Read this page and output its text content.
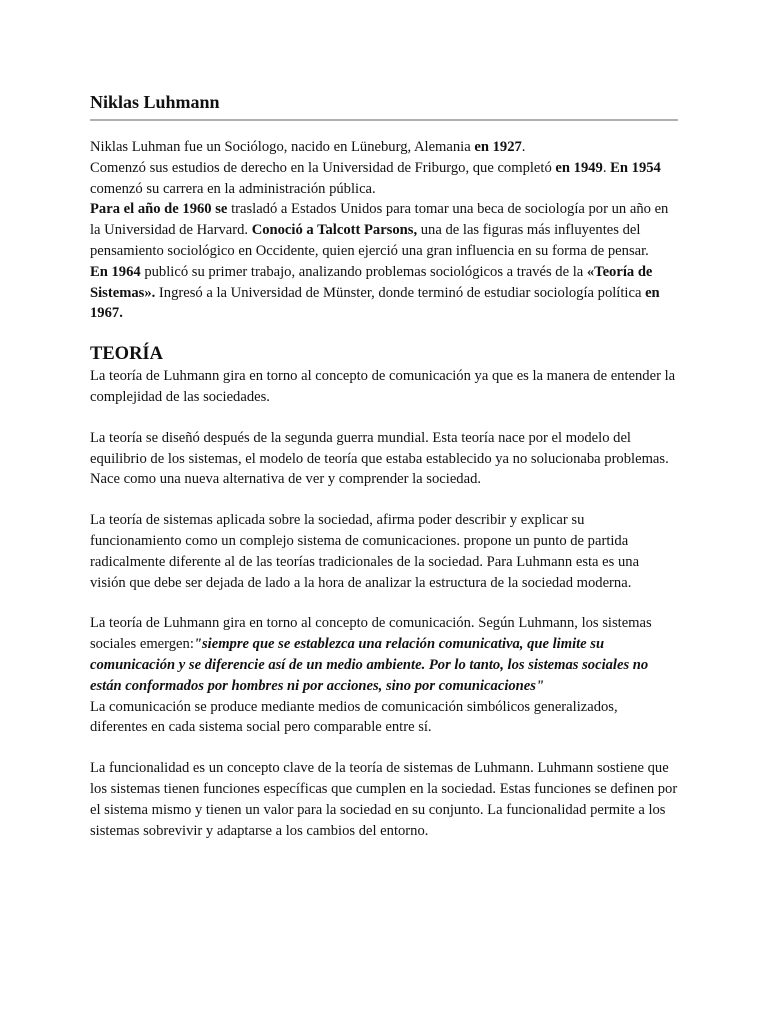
Niklas Luhmann

Niklas Luhman fue un Sociólogo, nacido en Lüneburg, Alemania en 1927.

Comenzó sus estudios de derecho en la Universidad de Friburgo, que completó en 1949. En 1954 comenzó su carrera en la administración pública.

Para el año de 1960 se trasladó a Estados Unidos para tomar una beca de sociología por un año en la Universidad de Harvard. Conoció a Talcott Parsons, una de las figuras más influyentes del pensamiento sociológico en Occidente, quien ejerció una gran influencia en su forma de pensar.

En 1964 publicó su primer trabajo, analizando problemas sociológicos a través de la «Teoría de Sistemas». Ingresó a la Universidad de Münster, donde terminó de estudiar sociología política en 1967.

TEORÍA

La teoría de Luhmann gira en torno al concepto de comunicación ya que es la manera de entender la complejidad de las sociedades.

La teoría se diseñó después de la segunda guerra mundial. Esta teoría nace por el modelo del equilibrio de los sistemas, el modelo de teoría que estaba establecido ya no solucionaba problemas. Nace como una nueva alternativa de ver y comprender la sociedad.

La teoría de sistemas aplicada sobre la sociedad, afirma poder describir y explicar su funcionamiento como un complejo sistema de comunicaciones. propone un punto de partida radicalmente diferente al de las teorías tradicionales de la sociedad. Para Luhmann esta es una visión que debe ser dejada de lado a la hora de analizar la estructura de la sociedad moderna.

La teoría de Luhmann gira en torno al concepto de comunicación. Según Luhmann, los sistemas sociales emergen:"siempre que se establezca una relación comunicativa, que limite su comunicación y se diferencie así de un medio ambiente. Por lo tanto, los sistemas sociales no están conformados por hombres ni por acciones, sino por comunicaciones"

La comunicación se produce mediante medios de comunicación simbólicos generalizados, diferentes en cada sistema social pero comparable entre sí.

La funcionalidad es un concepto clave de la teoría de sistemas de Luhmann. Luhmann sostiene que los sistemas tienen funciones específicas que cumplen en la sociedad. Estas funciones se definen por el sistema mismo y tienen un valor para la sociedad en su conjunto. La funcionalidad permite a los sistemas sobrevivir y adaptarse a los cambios del entorno.
